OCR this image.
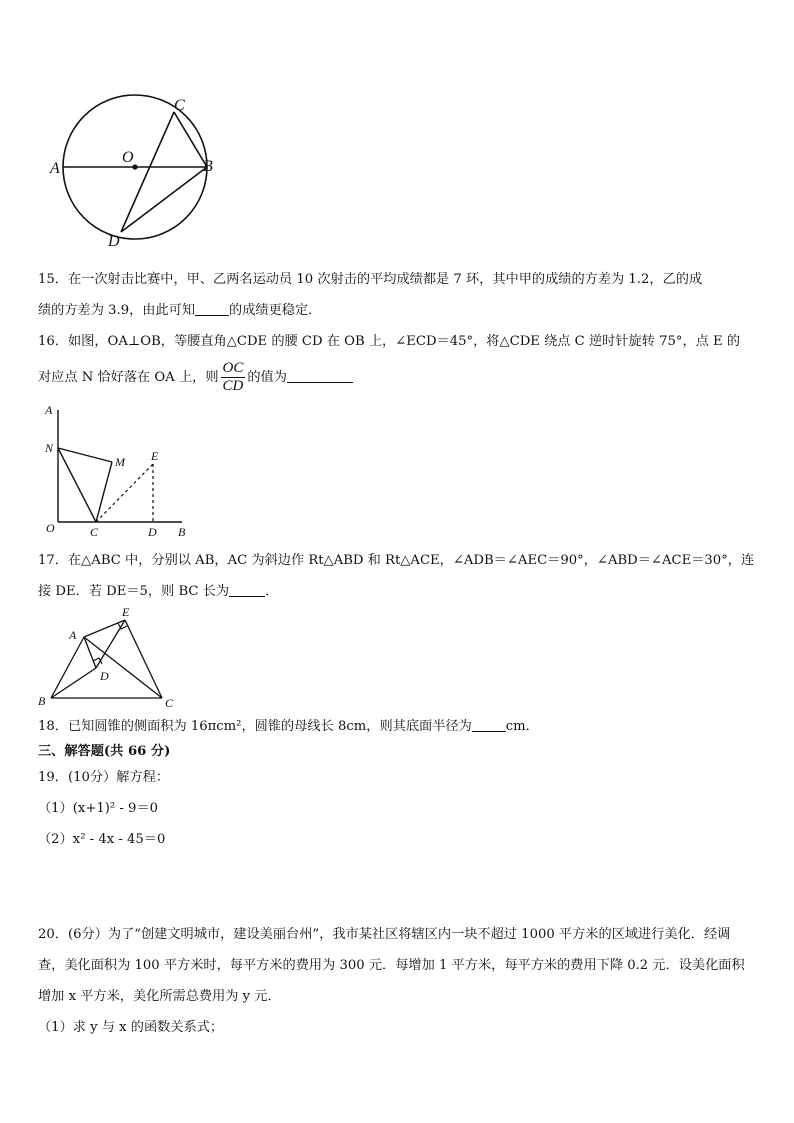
A
O
B
C
D
15．在一次射击比赛中，甲、乙两名运动员 10 次射击的平均成绩都是 7 环，其中甲的成绩的方差为 1.2，乙的成
绩的方差为 3.9，由此可知	的成绩更稳定．
16．如图，OA⊥OB，等腰直角△CDE 的腰 CD 在 OB 上，∠ECD＝45°，将△CDE 绕点 C 逆时针旋转 75°，点 E 的
对应点 N 恰好落在 OA 上，则 $\frac{OC}{CD}$ 的值为
A
N
M E
O	C	D B
17．在△ABC 中，分别以 AB，AC 为斜边作 Rt△ABD 和 Rt△ACE，∠ADB＝∠AEC＝90°，∠ABD＝∠ACE＝30°，连
接 DE．若 DE＝5，则 BC 长为	．
E
A
D
B	C
18．已知圆锥的侧面积为 16πcm²，圆锥的母线长 8cm，则其底面半径为	cm．
三、解答题(共 66 分)
19．(10分）解方程：
（1）(x+1)² - 9＝0
（2）x² - 4x - 45＝0
20．(6分）为了“创建文明城市，建设美丽台州”，我市某社区将辖区内一块不超过 1000 平方米的区域进行美化．经调
查，美化面积为 100 平方米时，每平方米的费用为 300 元．每增加 1 平方米，每平方米的费用下降 0.2 元．设美化面积
增加 x 平方米，美化所需总费用为 y 元．
（1）求 y 与 x 的函数关系式；
